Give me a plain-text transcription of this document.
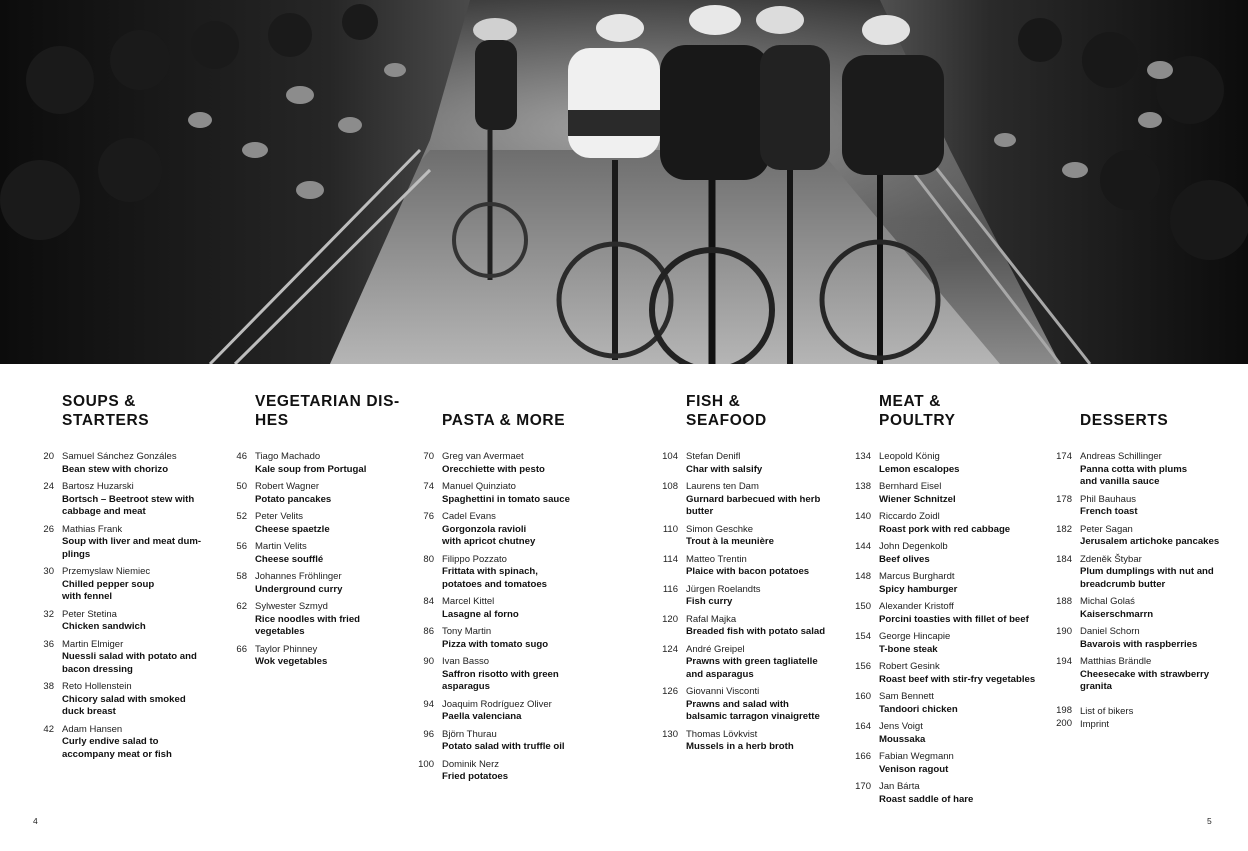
SOUPS &
STARTERS
20 Samuel Sánchez Gonzáles
Bean stew with chorizo
24 Bartosz Huzarski
Bortsch – Beetroot stew with
cabbage and meat
26 Mathias Frank
Soup with liver and meat dum-
plings
30 Przemyslaw Niemiec
Chilled pepper soup
with fennel
32 Peter Stetina
Chicken sandwich
36 Martin Elmiger
Nuessli salad with potato and
bacon dressing
38 Reto Hollenstein
Chicory salad with smoked
duck breast
42 Adam Hansen
Curly endive salad to
accompany meat or fish
VEGETARIAN DIS-
HES
46 Tiago Machado
Kale soup from Portugal
50 Robert Wagner
Potato pancakes
52 Peter Velits
Cheese spaetzle
56 Martin Velits
Cheese soufflé
58 Johannes Fröhlinger
Underground curry
62 Sylwester Szmyd
Rice noodles with fried
vegetables
66 Taylor Phinney
Wok vegetables
PASTA & MORE
70 Greg van Avermaet
Orecchiette with pesto
74 Manuel Quinziato
Spaghettini in tomato sauce
76 Cadel Evans
Gorgonzola ravioli
with apricot chutney
80 Filippo Pozzato
Frittata with spinach,
potatoes and tomatoes
84 Marcel Kittel
Lasagne al forno
86 Tony Martin
Pizza with tomato sugo
90 Ivan Basso
Saffron risotto with green
asparagus
94 Joaquim Rodríguez Oliver
Paella valenciana
96 Björn Thurau
Potato salad with truffle oil
100 Dominik Nerz
Fried potatoes
FISH &
SEAFOOD
104 Stefan Denifl
Char with salsify
108 Laurens ten Dam
Gurnard barbecued with herb
butter
110 Simon Geschke
Trout à la meunière
114 Matteo Trentin
Plaice with bacon potatoes
116 Jürgen Roelandts
Fish curry
120 Rafal Majka
Breaded fish with potato salad
124 André Greipel
Prawns with green tagliatelle
and asparagus
126 Giovanni Visconti
Prawns and salad with
balsamic tarragon vinaigrette
130 Thomas Lövkvist
Mussels in a herb broth
MEAT &
POULTRY
134 Leopold König
Lemon escalopes
138 Bernhard Eisel
Wiener Schnitzel
140 Riccardo Zoidl
Roast pork with red cabbage
144 John Degenkolb
Beef olives
148 Marcus Burghardt
Spicy hamburger
150 Alexander Kristoff
Porcini toasties with fillet of beef
154 George Hincapie
T-bone steak
156 Robert Gesink
Roast beef with stir-fry vegetables
160 Sam Bennett
Tandoori chicken
164 Jens Voigt
Moussaka
166 Fabian Wegmann
Venison ragout
170 Jan Bárta
Roast saddle of hare
DESSERTS
174 Andreas Schillinger
Panna cotta with plums
and vanilla sauce
178 Phil Bauhaus
French toast
182 Peter Sagan
Jerusalem artichoke pancakes
184 Zdeněk Štybar
Plum dumplings with nut and
breadcrumb butter
188 Michal Golaś
Kaiserschmarrn
190 Daniel Schorn
Bavarois with raspberries
194 Matthias Brändle
Cheesecake with strawberry
granita
198 List of bikers
200 Imprint
4	5
